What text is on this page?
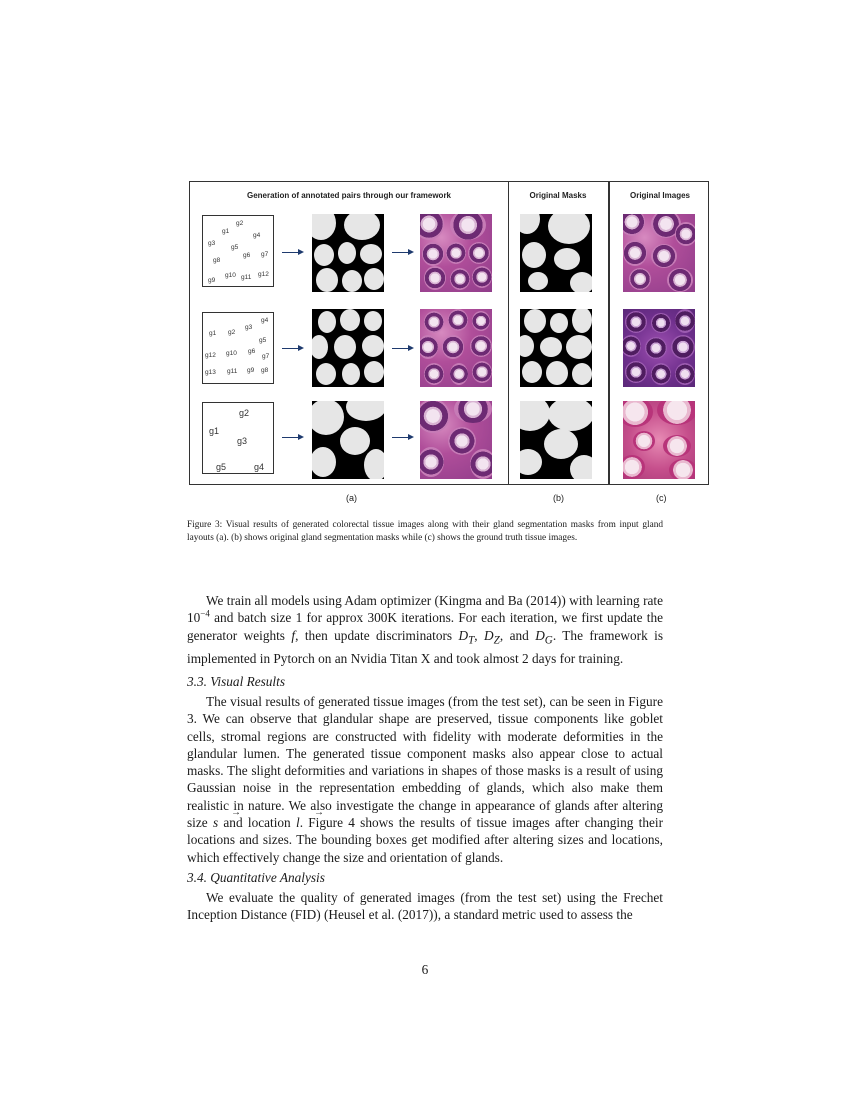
Generation of annotated pairs through our framework	Original Masks	Original Images
g1
g2
g3
g4
g5
g6 g7
g8
g9
g10 g11 g12
g1 g2
g3
g4
g5
g6
g7
g8
g9
g10
g11
g12
g13
g1
g2
g3
g4
g5
(a)	(b)	(c)
Figure 3: Visual results of generated colorectal tissue images along with their gland segmentation masks from input gland layouts (a). (b) shows original gland segmentation masks while (c) shows the ground truth tissue images.

We train all models using Adam optimizer (Kingma and Ba (2014)) with learning rate $10^{-4}$ and batch size 1 for approx 300K iterations. For each iteration, we first update the generator weights f, then update discriminators $D_T$, $D_Z$, and $D_G$. The framework is implemented in Pytorch on an Nvidia Titan X and took almost 2 days for training.

3.3. Visual Results

The visual results of generated tissue images (from the test set), can be seen in Figure 3. We can observe that glandular shape are preserved, tissue components like goblet cells, stromal regions are constructed with fidelity with moderate deformities in the glandular lumen. The generated tissue component masks also appear close to actual masks. The slight deformities and variations in shapes of those masks is a result of using Gaussian noise in the representation embedding of glands, which also make them realistic in nature. We also investigate the change in appearance of glands after altering size → s and location → l. Figure 4 shows the results of tissue images after changing their locations and sizes. The bounding boxes get modified after altering sizes and locations, which effectively change the size and orientation of glands.

3.4. Quantitative Analysis

We evaluate the quality of generated images (from the test set) using the Frechet Inception Distance (FID) (Heusel et al. (2017)), a standard metric used to assess the

6
